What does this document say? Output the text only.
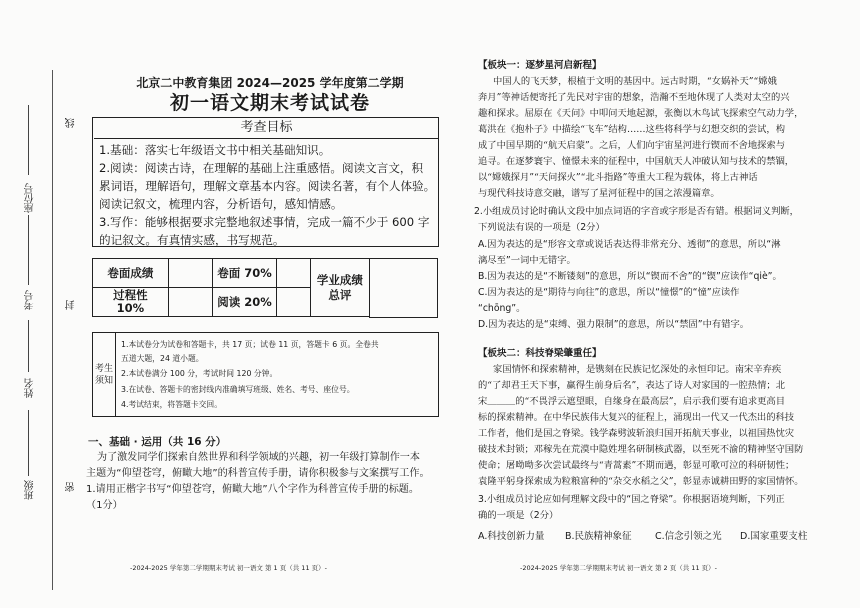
线
封
密
座位号
考号
姓名
班级
北京二中教育集团 2024—2025 学年度第二学期
初一语文期末考试试卷
考查目标
1.基础：落实七年级语文书中相关基础知识。
2.阅读：阅读古诗，在理解的基础上注重感悟。阅读文言文，积
累词语，理解语句，理解文章基本内容。阅读名著，有个人体验。
阅读记叙文，梳理内容，分析语句，感知情感。
3.写作：能够根据要求完整地叙述事情，完成一篇不少于 600 字
的记叙文。有真情实感，书写规范。
卷面成绩		卷面 70%		学业成绩
总评
过程性
10%		阅读 20%		
考生
须知
1.本试卷分为试卷和答题卡，共 17 页；试卷 11 页，答题卡 6 页。全卷共
五道大题，24 道小题。
2.本试卷满分 100 分，考试时间 120 分钟。
3.在试卷、答题卡的密封线内准确填写班级、姓名、考号、座位号。
4.考试结束，将答题卡交回。
一、基础 · 运用（共 16 分）
为了激发同学们探索自然世界和科学领域的兴趣，初一年级打算制作一本
主题为“仰望苍穹，俯瞰大地”的科普宣传手册，请你积极参与文案撰写工作。
1.请用正楷字书写“仰望苍穹，俯瞰大地”八个字作为科普宣传手册的标题。
（1分）
-2024-2025 学年第二学期期末考试 初一语文 第 1 页（共 11 页）-
【板块一：逐梦星河启新程】
中国人的飞天梦，根植于文明的基因中。远古时期，“女娲补天”“嫦娥
奔月”等神话便寄托了先民对宇宙的想象，浩瀚不至地休现了人类对太空的兴
趣和探求。屈原在《天问》中叩问天地起源，张衡以木鸟试飞探索空气动力学，
葛洪在《抱朴子》中描绘“飞车”结构……这些将科学与幻想交织的尝试，构
成了中国早期的“航天启蒙”。之后，人们向宇宙星河进行锲而不舍地探索与
追寻。在逐梦寰宇、憧憬未来的征程中，中国航天人冲破认知与技术的禁锢，
以“嫦娥探月”“天问探火”“北斗指路”等重大工程为载体，将上古神话
与现代科技诗意交融，谱写了星河征程中的国之浓漫篇章。
2.小组成员讨论时确认文段中加点词语的字音或字形是否有错。根据词义判断，
下列说法有误的一项是（2分）
A.因为表达的是“形容文章或说话表达得非常充分、透彻”的意思，所以“淋
漓尽至”一词中无错字。
B.因为表达的是“不断镂刻”的意思，所以“锲而不舍”的“锲”应读作“qiè”。
C.因为表达的是“期待与向往”的意思，所以“憧憬”的“憧”应读作
“chōng”。
D.因为表达的是“束缚、强力限制”的意思，所以“禁固”中有错字。
【板块二：科技脊梁肇重任】
家国情怀和探索精神，是镌刻在民族记忆深处的永恒印记。南宋辛弃疾
的“了却君王天下事，赢得生前身后名”，表达了诗人对家国的一腔热情；北
宋＿＿＿的“不畏浮云遮望眼，自缘身在最高层”，启示我们要有追求更高目
标的探索精神。在中华民族伟大复兴的征程上，涌现出一代又一代杰出的科技
工作者，他们是国之脊梁。钱学森劈波斩浪归国开拓航天事业，以祖国热忱灾
破技术封锁；邓稼先在荒漠中隐姓埋名研制核武器，以至死不渝的精神坚守国防
使命；屠呦呦多次尝试最终与“青蒿素”不期而遇，彰显可歌可泣的科研韧性；
袁隆平躬身探索成为粒粮富种的“杂交水稻之父”，彰显赤诚耕田野的家国情怀。
3.小组成员讨论应如何理解文段中的“国之脊梁”。你根据语境判断，下列正
确的一项是（2分）
A.科技创新力量 B.民族精神象征 C.信念引领之光 D.国家重要支柱
-2024-2025 学年第二学期期末考试 初一语文 第 2 页（共 11 页）-
